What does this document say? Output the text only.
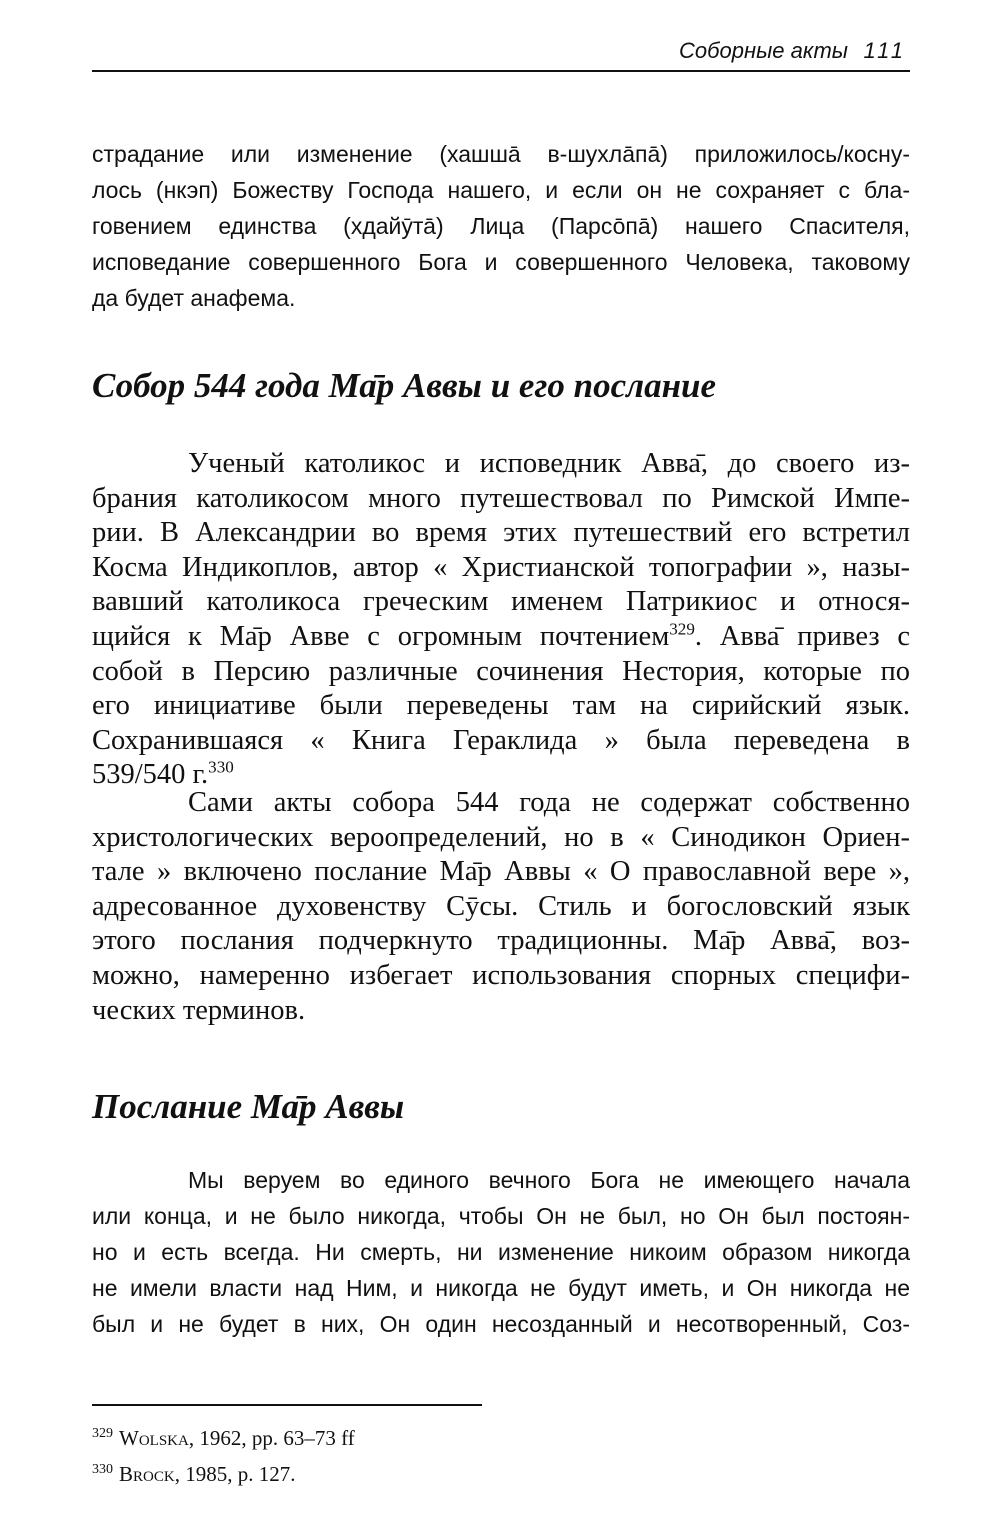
Соборные акты 111
страдание или изменение (хашша̄ в-шухла̄па̄) приложилось/косну-
лось (нкэп) Божеству Господа нашего, и если он не сохраняет с бла-
говением единства (хдайӯта̄) Лица (Парсо̄па̄) нашего Спасителя,
исповедание совершенного Бога и совершенного Человека, таковому
да будет анафема.
Собор 544 года Ма̄р Аввы и его послание
Ученый католикос и исповедник Авва̄, до своего из-
брания католикосом много путешествовал по Римской Импе-
рии. В Александрии во время этих путешествий его встретил
Косма Индикоплов, автор « Христианской топографии », назы-
вавший католикоса греческим именем Патрикиос и относя-
щийся к Ма̄р Авве с огромным почтением$^{329}$. Авва̄ привез с
собой в Персию различные сочинения Нестория, которые по
его инициативе были переведены там на сирийский язык.
Сохранившаяся « Книга Гераклида » была переведена в
539/540 г.$^{330}$
Сами акты собора 544 года не содержат собственно
христологических вероопределений, но в « Синодикон Ориен-
тале » включено послание Ма̄р Аввы « О православной вере »,
адресованное духовенству Сӯсы. Стиль и богословский язык
этого послания подчеркнуто традиционны. Ма̄р Авва̄, воз-
можно, намеренно избегает использования спорных специфи-
ческих терминов.
Послание Ма̄р Аввы
Мы веруем во единого вечного Бога не имеющего начала
или конца, и не было никогда, чтобы Он не был, но Он был постоян-
но и есть всегда. Ни смерть, ни изменение никоим образом никогда
не имели власти над Ним, и никогда не будут иметь, и Он никогда не
был и не будет в них, Он один несозданный и несотворенный, Соз-
$^{329}$ Wolska, 1962, pp. 63–73 ff
$^{330}$ Brock, 1985, p. 127.
